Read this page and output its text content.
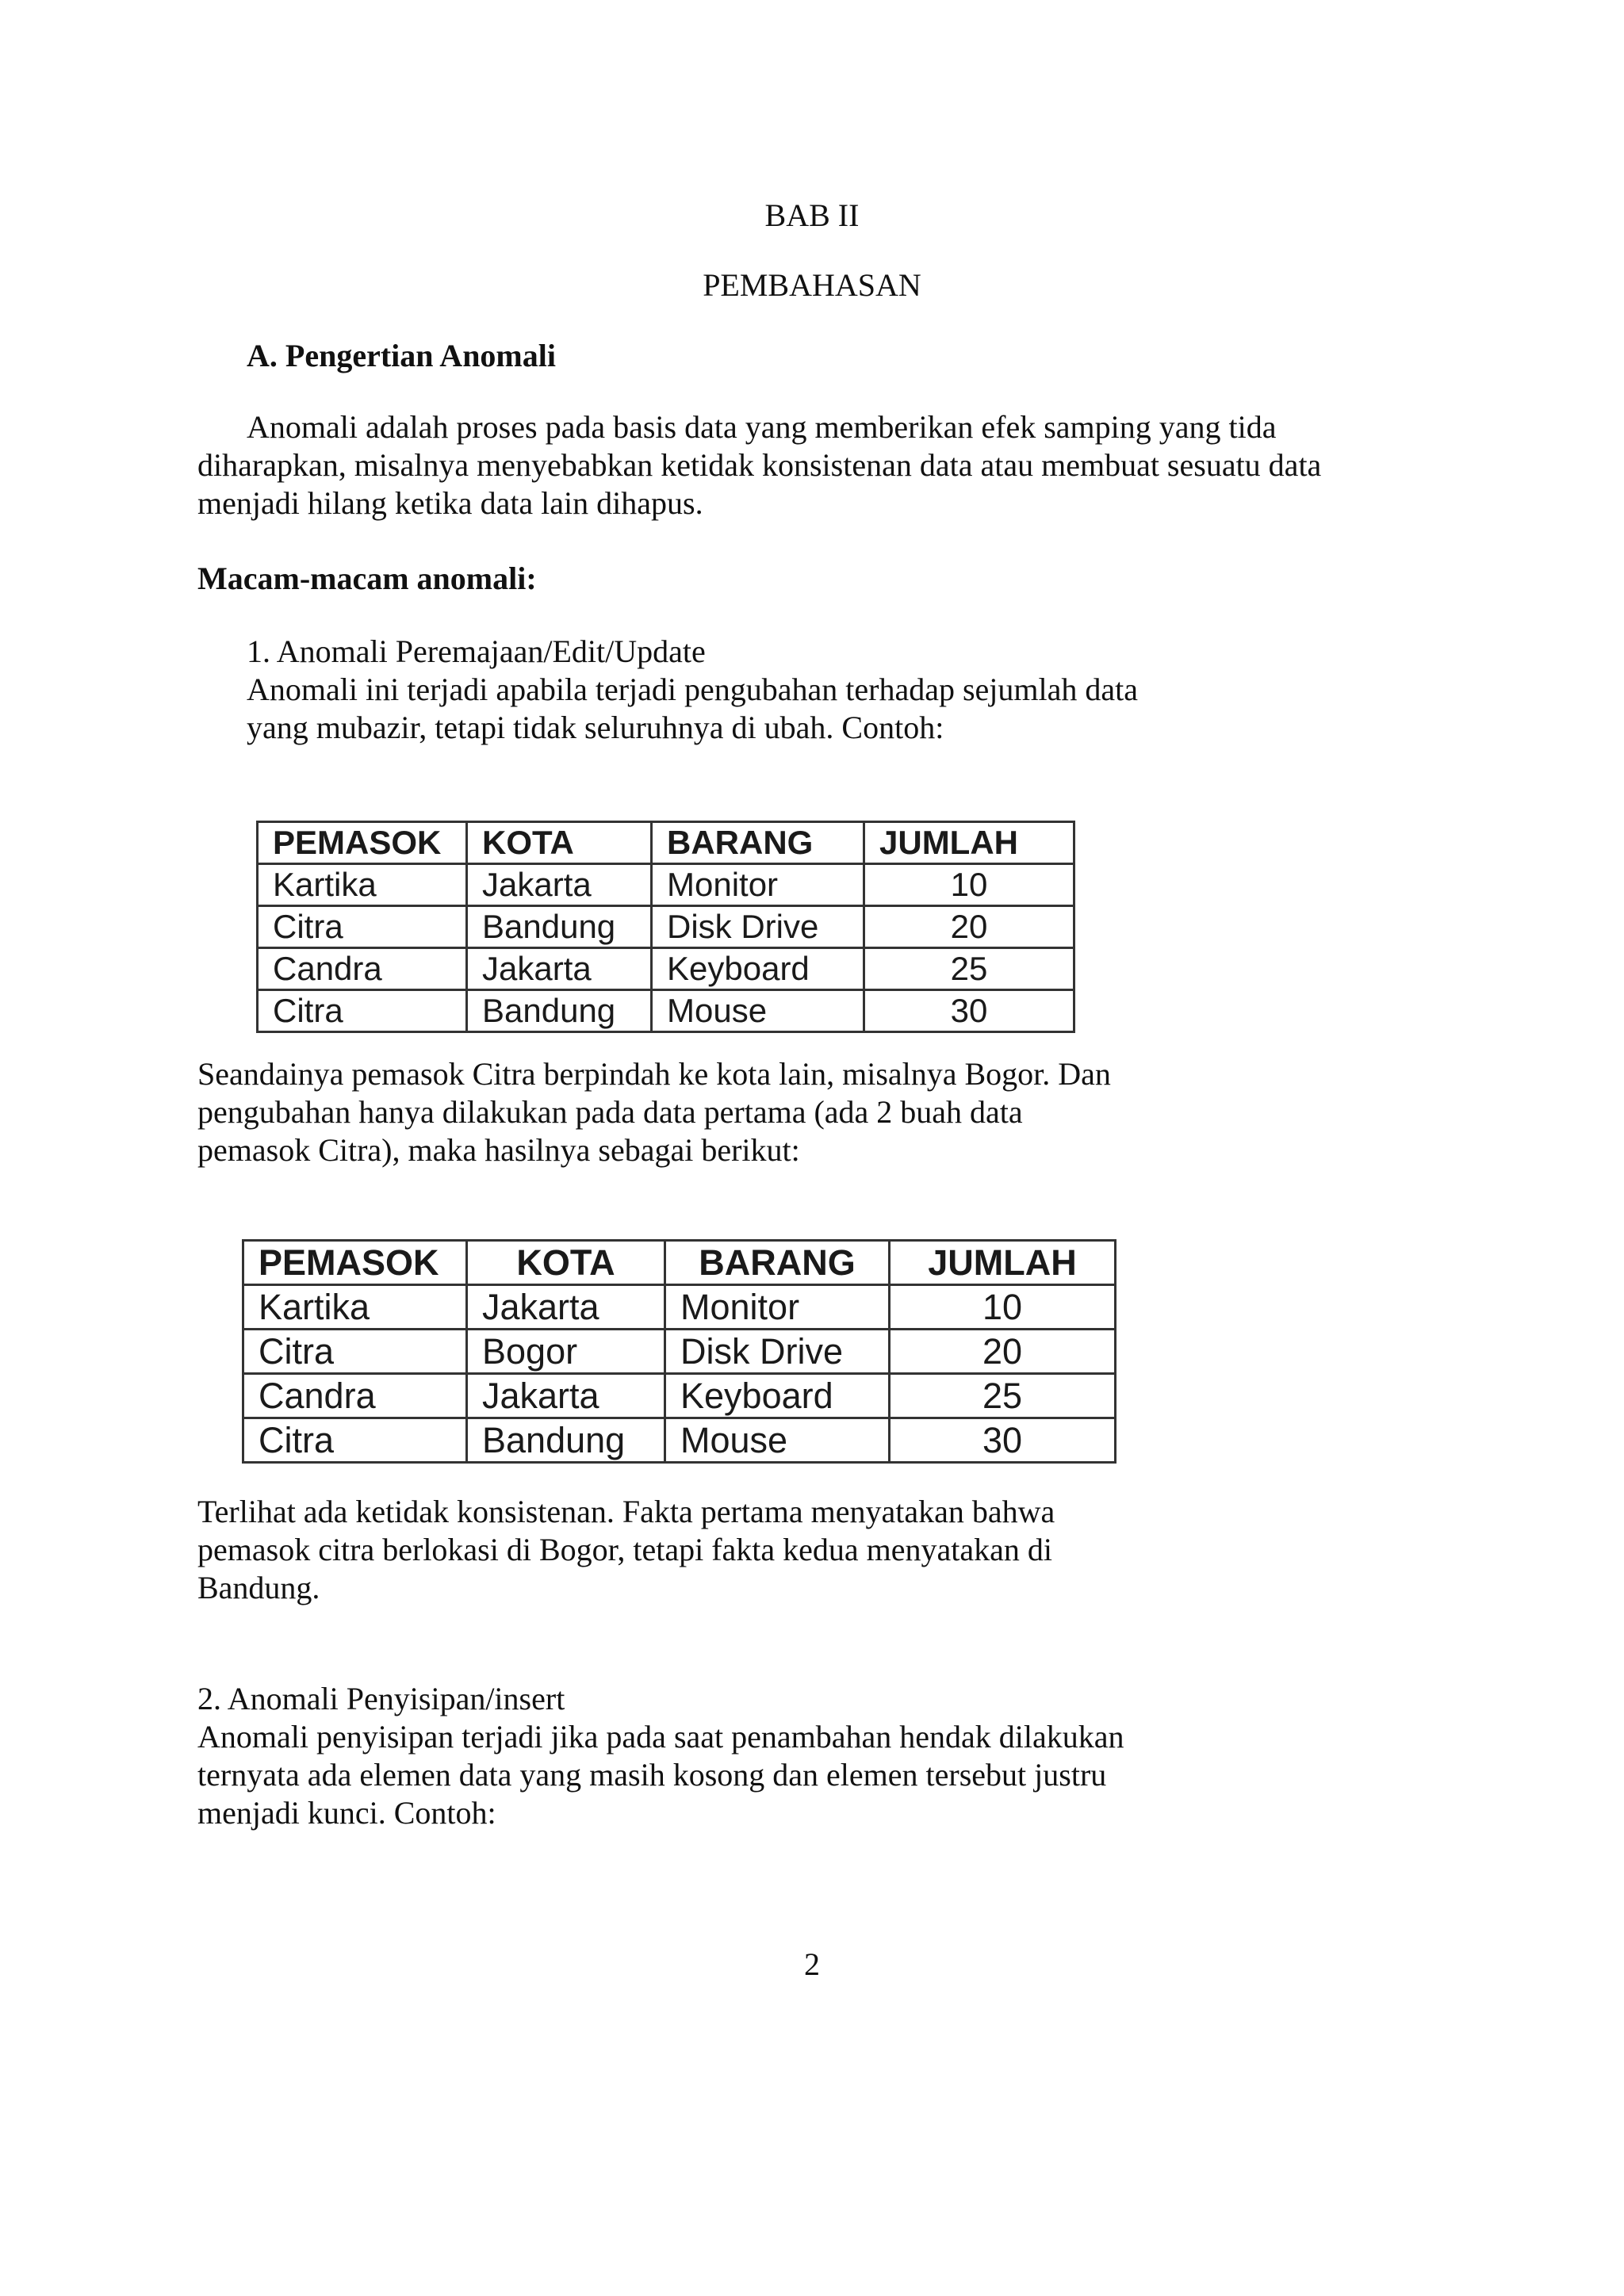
BAB II

PEMBAHASAN

A. Pengertian Anomali

Anomali adalah proses pada basis data yang memberikan efek samping yang tida
diharapkan, misalnya menyebabkan ketidak konsistenan data atau membuat sesuatu data
menjadi hilang ketika data lain dihapus.

Macam-macam anomali:

1. Anomali Peremajaan/Edit/Update
Anomali ini terjadi apabila terjadi pengubahan terhadap sejumlah data
yang mubazir, tetapi tidak seluruhnya di ubah. Contoh:
PEMASOK	KOTA	BARANG	JUMLAH
Kartika	Jakarta	Monitor	10
Citra	Bandung	Disk Drive	20
Candra	Jakarta	Keyboard	25
Citra	Bandung	Mouse	30
Seandainya pemasok Citra berpindah ke kota lain, misalnya Bogor. Dan
pengubahan hanya dilakukan pada data pertama (ada 2 buah data
pemasok Citra), maka hasilnya sebagai berikut:
PEMASOK	KOTA	BARANG	JUMLAH
Kartika	Jakarta	Monitor	10
Citra	Bogor	Disk Drive	20
Candra	Jakarta	Keyboard	25
Citra	Bandung	Mouse	30
Terlihat ada ketidak konsistenan. Fakta pertama menyatakan bahwa
pemasok citra berlokasi di Bogor, tetapi fakta kedua menyatakan di
Bandung.
2. Anomali Penyisipan/insert
Anomali penyisipan terjadi jika pada saat penambahan hendak dilakukan
ternyata ada elemen data yang masih kosong dan elemen tersebut justru
menjadi kunci. Contoh:

2
